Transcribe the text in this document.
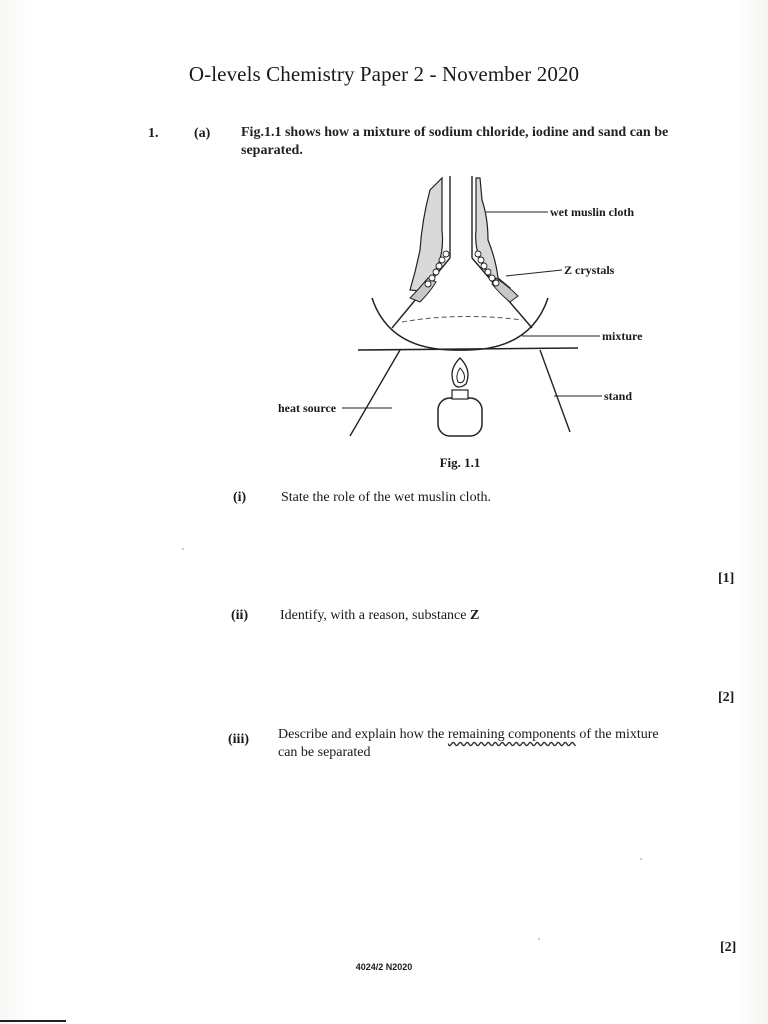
O-levels Chemistry Paper 2 - November 2020
1.	(a) Fig.1.1 shows how a mixture of sodium chloride, iodine and sand can be separated.
wet muslin cloth
Z crystals
mixture
stand
heat source
Fig. 1.1
(i) State the role of the wet muslin cloth.
[1]
(ii) Identify, with a reason, substance Z
[2]
(iii) Describe and explain how the remaining components of the mixture
can be separated
[2]
4024/2 N2020
